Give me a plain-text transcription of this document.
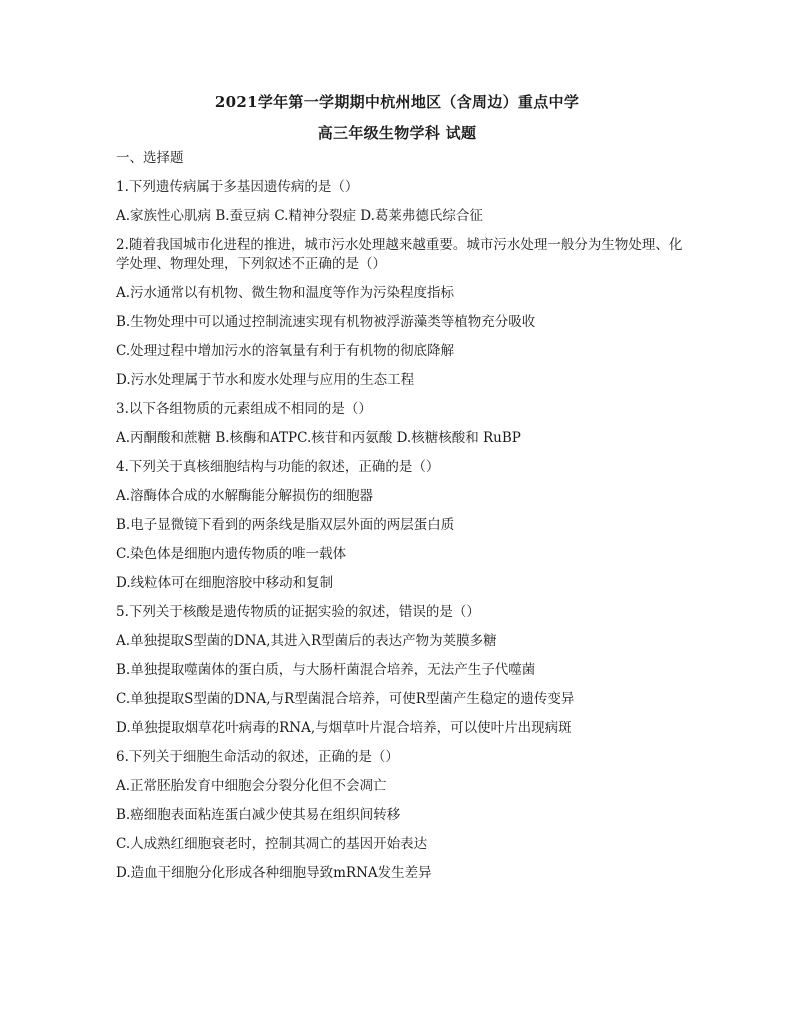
2021学年第一学期期中杭州地区（含周边）重点中学
高三年级生物学科 试题

一、选择题

1.下列遗传病属于多基因遗传病的是（）

A.家族性心肌病 B.蚕豆病 C.精神分裂症 D.葛莱弗德氏综合征

2.随着我国城市化进程的推进，城市污水处理越来越重要。城市污水处理一般分为生物处理、化学处理、物理处理，下列叙述不正确的是（）

A.污水通常以有机物、微生物和温度等作为污染程度指标

B.生物处理中可以通过控制流速实现有机物被浮游藻类等植物充分吸收

C.处理过程中增加污水的溶氧量有利于有机物的彻底降解

D.污水处理属于节水和废水处理与应用的生态工程

3.以下各组物质的元素组成不相同的是（）

A.丙酮酸和蔗糖 B.核酶和ATPC.核苷和丙氨酸 D.核糖核酸和 RuBP

4.下列关于真核细胞结构与功能的叙述，正确的是（）

A.溶酶体合成的水解酶能分解损伤的细胞器

B.电子显微镜下看到的两条线是脂双层外面的两层蛋白质

C.染色体是细胞内遗传物质的唯一载体

D.线粒体可在细胞溶胶中移动和复制

5.下列关于核酸是遗传物质的证据实验的叙述，错误的是（）

A.单独提取S型菌的DNA,其进入R型菌后的表达产物为荚膜多糖

B.单独提取噬菌体的蛋白质，与大肠杆菌混合培养，无法产生子代噬菌

C.单独提取S型菌的DNA,与R型菌混合培养，可使R型菌产生稳定的遗传变异

D.单独提取烟草花叶病毒的RNA,与烟草叶片混合培养，可以使叶片出现病斑

6.下列关于细胞生命活动的叙述，正确的是（）

A.正常胚胎发育中细胞会分裂分化但不会凋亡

B.癌细胞表面粘连蛋白减少使其易在组织间转移

C.人成熟红细胞衰老时，控制其凋亡的基因开始表达

D.造血干细胞分化形成各种细胞导致mRNA发生差异
